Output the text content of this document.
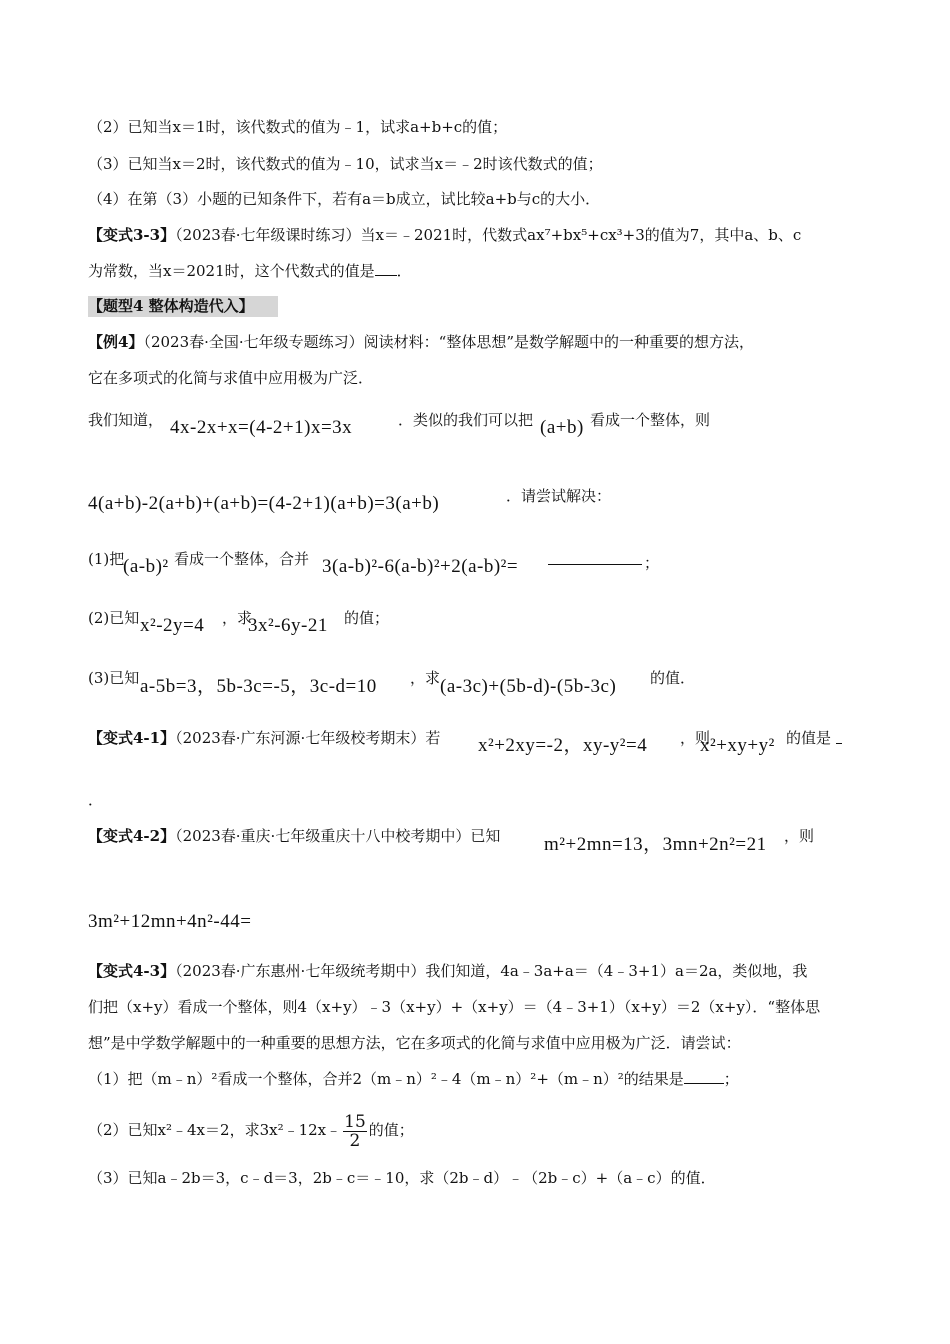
（2）已知当x＝1时，该代数式的值为﹣1，试求a+b+c的值；
（3）已知当x＝2时，该代数式的值为﹣10，试求当x＝﹣2时该代数式的值；
（4）在第（3）小题的已知条件下，若有a＝b成立，试比较a+b与c的大小．
【变式3-3】（2023春·七年级课时练习）当x＝﹣2021时，代数式ax⁷+bx⁵+cx³+3的值为7，其中a、b、c
为常数，当x＝2021时，这个代数式的值是 ．
【题型4 整体构造代入】
【例4】（2023春·全国·七年级专题练习）阅读材料：“整体思想”是数学解题中的一种重要的想方法，
它在多项式的化简与求值中应用极为广泛．
我们知道， 4x-2x+x=(4-2+1)x=3x	．类似的我们可以把 (a+b) 看成一个整体，则
4(a+b)-2(a+b)+(a+b)=(4-2+1)(a+b)=3(a+b)	．请尝试解决：
(1)把
(a-b)² 看成一个整体，合并 3(a-b)²-6(a-b)²+2(a-b)²=	；
(2)已知 x²-2y=4 ，求
3x²-6y-21 的值；
(3)已知 a-5b=3，5b-3c=-5，3c-d=10 ，求 (a-3c)+(5b-d)-(5b-3c) 的值．
【变式4-1】（2023春·广东河源·七年级校考期末）若 x²+2xy=-2，xy-y²=4 ，则
x²+xy+y² 的值是
．
【变式4-2】（2023春·重庆·七年级重庆十八中校考期中）已知 m²+2mn=13，3mn+2n²=21 ，则
3m²+12mn+4n²-44=
【变式4-3】（2023春·广东惠州·七年级统考期中）我们知道，4a﹣3a+a＝（4﹣3+1）a＝2a，类似地，我
们把（x+y）看成一个整体，则4（x+y）﹣3（x+y）+（x+y）＝（4﹣3+1）（x+y）＝2（x+y）．“整体思
想”是中学数学解题中的一种重要的思想方法，它在多项式的化简与求值中应用极为广泛．请尝试：
（1）把（m﹣n）²看成一个整体，合并2（m﹣n）²﹣4（m﹣n）²+（m﹣n）²的结果是	；
（2）已知x²﹣4x＝2，求3x²﹣12x﹣ $\frac{15}{2}$ 的值；
（3）已知a﹣2b＝3，c﹣d＝3，2b﹣c＝﹣10，求（2b﹣d）﹣（2b﹣c）+（a﹣c）的值．
